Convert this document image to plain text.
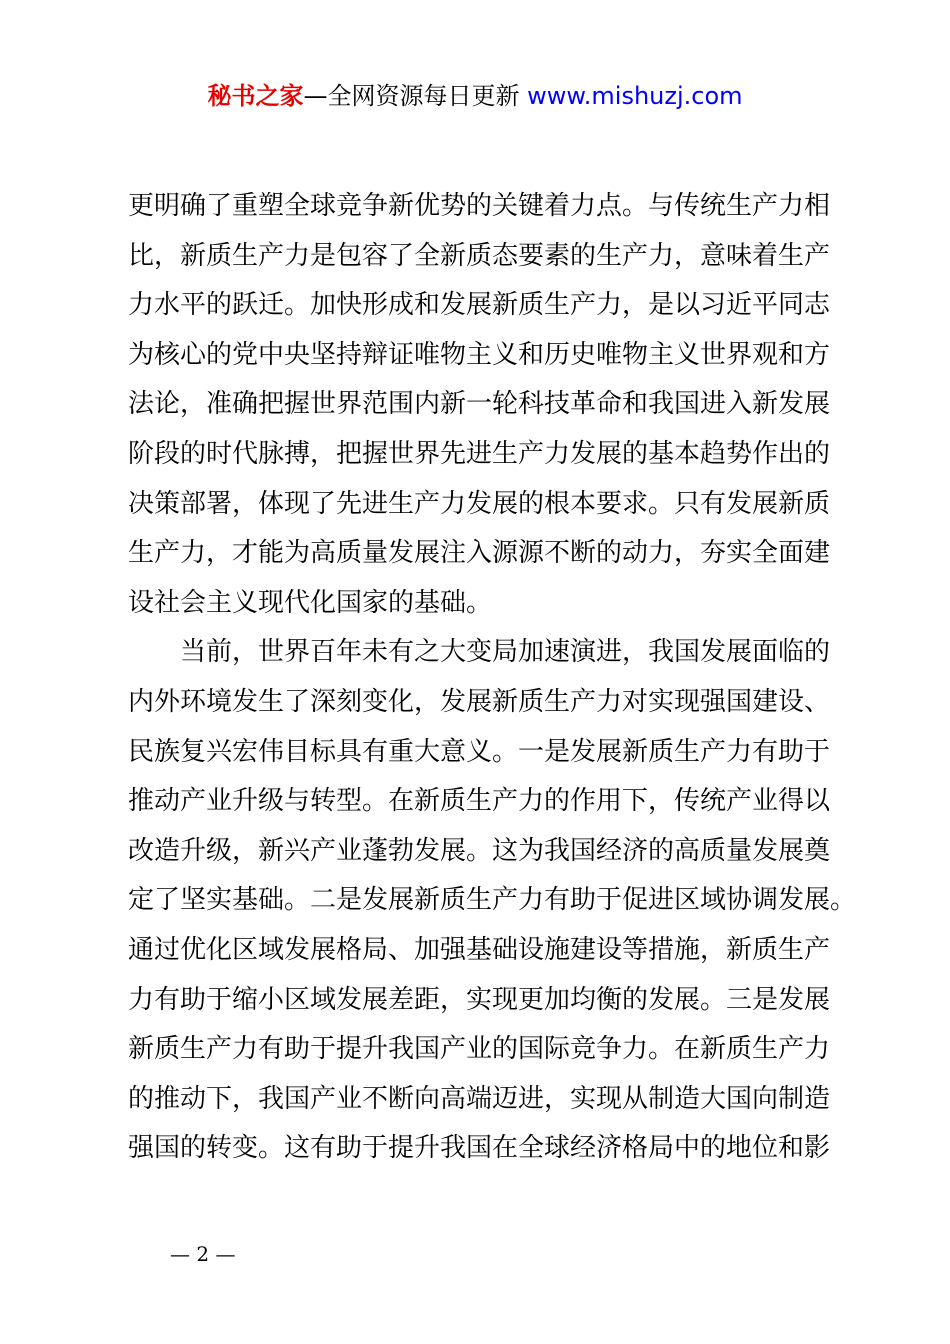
秘书之家—全网资源每日更新 www.mishuzj.com
更明确了重塑全球竞争新优势的关键着力点。与传统生产力相
比，新质生产力是包容了全新质态要素的生产力，意味着生产
力水平的跃迁。加快形成和发展新质生产力，是以习近平同志
为核心的党中央坚持辩证唯物主义和历史唯物主义世界观和方
法论，准确把握世界范围内新一轮科技革命和我国进入新发展
阶段的时代脉搏，把握世界先进生产力发展的基本趋势作出的
决策部署，体现了先进生产力发展的根本要求。只有发展新质
生产力，才能为高质量发展注入源源不断的动力，夯实全面建
设社会主义现代化国家的基础。
　　当前，世界百年未有之大变局加速演进，我国发展面临的
内外环境发生了深刻变化，发展新质生产力对实现强国建设、
民族复兴宏伟目标具有重大意义。一是发展新质生产力有助于
推动产业升级与转型。在新质生产力的作用下，传统产业得以
改造升级，新兴产业蓬勃发展。这为我国经济的高质量发展奠
定了坚实基础。二是发展新质生产力有助于促进区域协调发展。
通过优化区域发展格局、加强基础设施建设等措施，新质生产
力有助于缩小区域发展差距，实现更加均衡的发展。三是发展
新质生产力有助于提升我国产业的国际竞争力。在新质生产力
的推动下，我国产业不断向高端迈进，实现从制造大国向制造
强国的转变。这有助于提升我国在全球经济格局中的地位和影
— 2 —
